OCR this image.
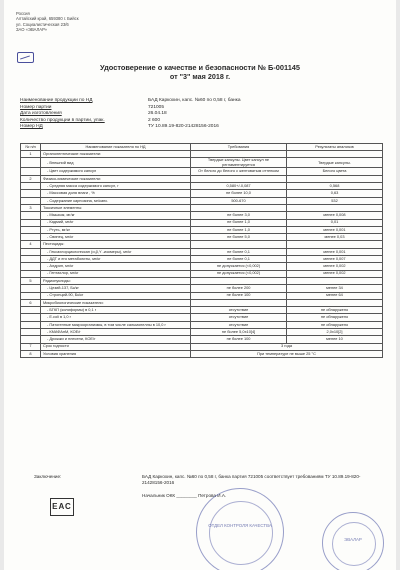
Россия
Алтайский край, 659380 г. Бийск
ул. Социалистическая 23/6
ЗАО «ЭВАЛАР»
Удостоверение о качестве и безопасности № Б-001145
от "3" мая 2018 г.
Наименование продукции по НД	БАД Каркохин, капс. №60 по 0,58 г, банка
Номер партии	721005
Дата изготовления	26.04.18
Количество продукции в партии, упак.	2 600
Номер НД	ТУ 10.89.19-820-21428156-2016
№ п/п	Наименование показателя по НД	Требования	Результаты анализов
1	Органолептические показатели:		
	- Внешний вид	Твердые капсулы. Цвет капсул не регламентируется	Твердые капсулы.
	- Цвет содержимого капсул	От белого до белого с желтоватым оттенком	Белого цвета
2	Физико-химические показатели:		
	- Средняя масса содержимого капсул, г	0,580+/-0,087	0,568
	- Массовая доля влаги , %	не более 10,0	0,63
	- Содержание карнозина, мг/капс.	500-670	532
3	Токсичные элементы:		
	- Мышьяк, мг/кг	не более 3,0	менее 0,008
	- Кадмий, мг/кг	не более 1,0	0,01
	- Ртуть, мг/кг	не более 1,0	менее 0,001
	- Свинец, мг/кг	не более 5,0	менее 0,03
4	Пестициды:		
	- Гексахлорциклогексан (α,β,Y -изомеры), мг/кг	не более 0,1	менее 0,001
	- ДДТ и его метаболиты, мг/кг	не более 0,1	менее 0,007
	- Алдрин, мг/кг	не допускается (<0,002)	менее 0,002
	- Гептахлор, мг/кг	не допускается (<0,002)	менее 0,002
5	Радионуклиды:		
	- Цезий-137, Бк/кг	не более 200	менее 34
	- Стронций-90, Бк/кг	не более 100	менее 64
6	Микробиологические показатели:		
	- БГКП (колиформы) в 0,1 г	отсутствие	не обнаружено
	- E.coli в 1,0 г	отсутствие	не обнаружено
	- Патогенные микроорганизмы, в том числе сальмонеллы в 10,0 г	отсутствие	не обнаружено
	- КМАФАнМ, КОЕ/г	не более 5,0х10[4]	2,0х10[2]
	- Дрожжи и плесени, КОЕ/г	не более 100	менее 10
7	Срок годности	3 года	
8	Условия хранения	При температуре не выше 25 °С	
Заключение:	БАД Каркохин, капс. №60 по 0,58 г, банка партия 721005 соответствует требованиям ТУ 10.89.19-820-21428156-2016
Начальник ОКК ________ Петрова И.А.
ЕАС
ОТДЕЛ КОНТРОЛЯ КАЧЕСТВА
ЭВАЛАР
